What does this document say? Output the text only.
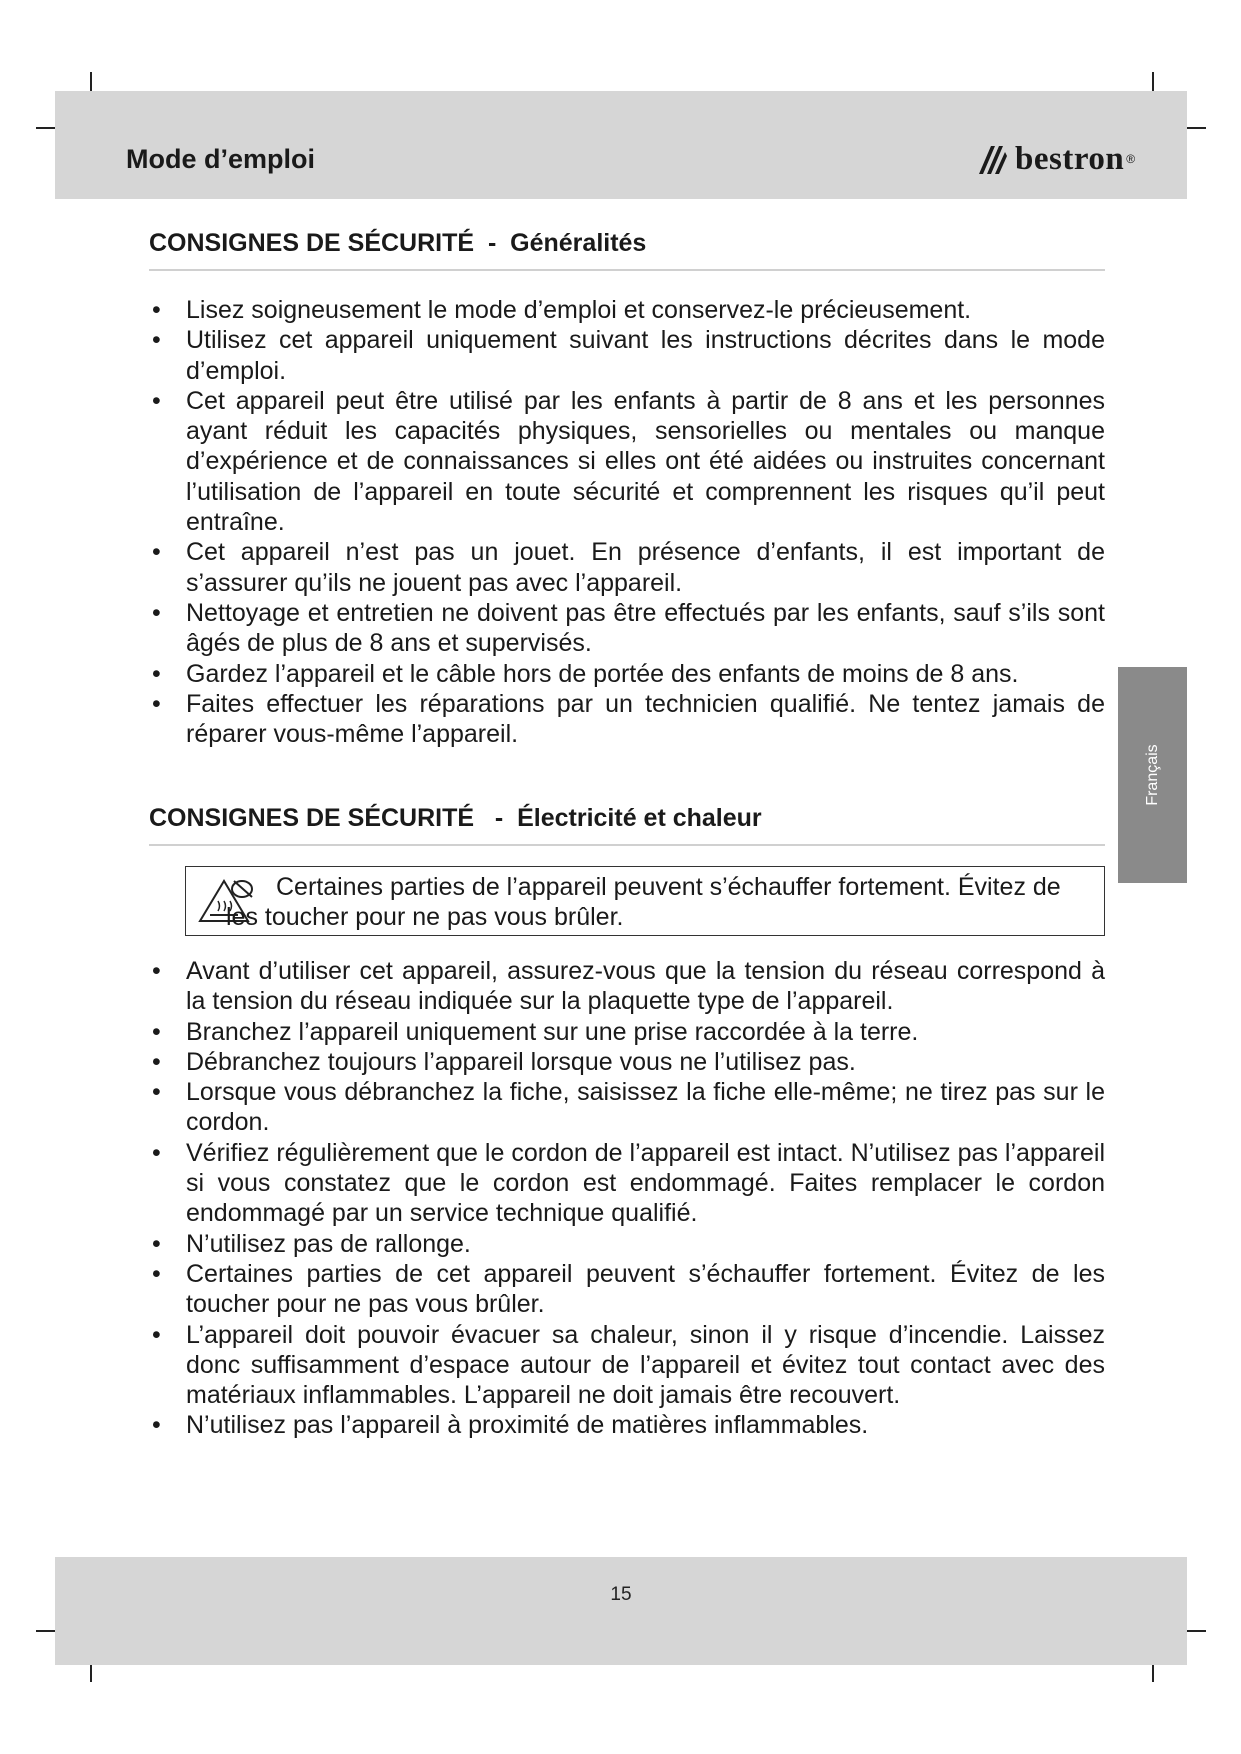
Mode d’emploi	bestron ®
Français
CONSIGNES DE SÉCURITÉ  -  Généralités
• Lisez soigneusement le mode d’emploi et conservez-le précieusement.
• Utilisez cet appareil uniquement suivant les instructions décrites dans le mode d’emploi.
• Cet appareil peut être utilisé par les enfants à partir de 8 ans et les personnes ayant réduit les capacités physiques, sensorielles ou mentales ou manque d’expérience et de connaissances si elles ont été aidées ou instruites concernant l’utilisation de l’appareil en toute sécurité et comprennent les risques qu’il peut entraîne.
• Cet appareil n’est pas un jouet. En présence d’enfants, il est important de s’assurer qu’ils ne jouent pas avec l’appareil.
• Nettoyage et entretien ne doivent pas être effectués par les enfants, sauf s’ils sont âgés de plus de 8 ans et supervisés.
• Gardez l’appareil et le câble hors de portée des enfants de moins de 8 ans.
• Faites effectuer les réparations par un technicien qualifié. Ne tentez jamais de réparer vous-même l’appareil.
CONSIGNES DE SÉCURITÉ   -  Électricité et chaleur
Certaines parties de l’appareil peuvent s’échauffer fortement. Évitez de les toucher pour ne pas vous brûler.
• Avant d’utiliser cet appareil, assurez-vous que la tension du réseau correspond à la tension du réseau indiquée sur la plaquette type de l’appareil.
• Branchez l’appareil uniquement sur une prise raccordée à la terre.
• Débranchez toujours l’appareil lorsque vous ne l’utilisez pas.
• Lorsque vous débranchez la fiche, saisissez la fiche elle-même; ne tirez pas sur le cordon.
• Vérifiez régulièrement que le cordon de l’appareil est intact. N’utilisez pas l’appareil si vous constatez que le cordon est endommagé. Faites remplacer le cordon endommagé par un service technique qualifié.
• N’utilisez pas de rallonge.
• Certaines parties de cet appareil peuvent s’échauffer fortement. Évitez de les toucher pour ne pas vous brûler.
• L’appareil doit pouvoir évacuer sa chaleur, sinon il y risque d’incendie. Laissez donc suffisamment d’espace autour de l’appareil et évitez tout contact avec des matériaux inflammables. L’appareil ne doit jamais être recouvert.
• N’utilisez pas l’appareil à proximité de matières inflammables.
15
